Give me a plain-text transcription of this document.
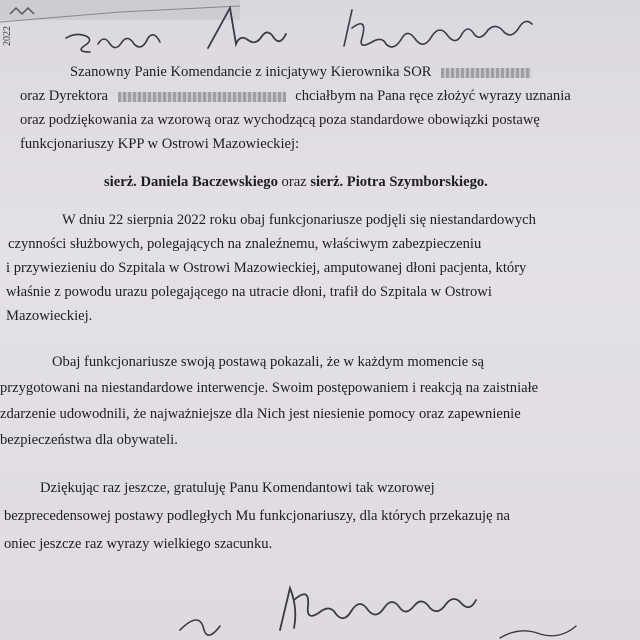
2022
Szanowny Panie Komendancie z inicjatywy Kierownika SOR
oraz Dyrektora	chciałbym na Pana ręce złożyć wyrazy uznania
oraz podziękowania za wzorową oraz wychodzącą poza standardowe obowiązki postawę
funkcjonariuszy KPP w Ostrowi Mazowieckiej:
sierż. Daniela Baczewskiego oraz sierż. Piotra Szymborskiego.
W dniu 22 sierpnia 2022 roku obaj funkcjonariusze podjęli się niestandardowych
czynności służbowych, polegających na znaleźnemu, właściwym zabezpieczeniu
i przywiezieniu do Szpitala w Ostrowi Mazowieckiej, amputowanej dłoni pacjenta, który
właśnie z powodu urazu polegającego na utracie dłoni, trafił do Szpitala w Ostrowi
Mazowieckiej.
Obaj funkcjonariusze swoją postawą pokazali, że w każdym momencie są
przygotowani na niestandardowe interwencje. Swoim postępowaniem i reakcją na zaistniałe
zdarzenie udowodnili, że najważniejsze dla Nich jest niesienie pomocy oraz zapewnienie
bezpieczeństwa dla obywateli.
Dziękując raz jeszcze, gratuluję Panu Komendantowi tak wzorowej
bezprecedensowej postawy podległych Mu funkcjonariuszy, dla których przekazuję na
oniec jeszcze raz wyrazy wielkiego szacunku.
